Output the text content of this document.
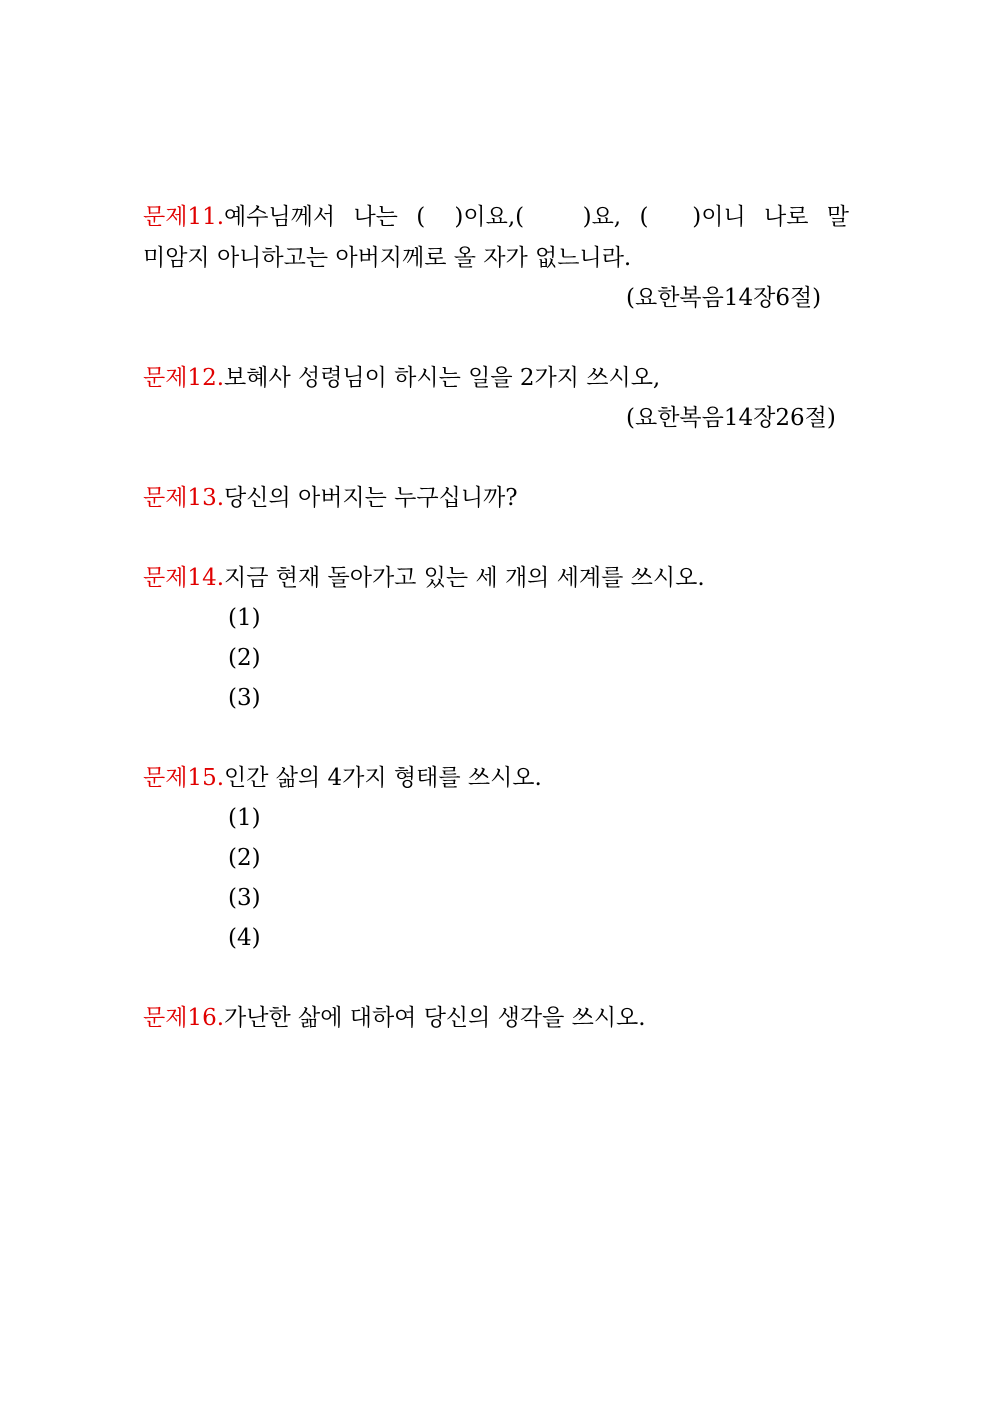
문제11.예수님께서 나는 (    )이요,(        )요, (      )이니 나로 말
미암지 아니하고는 아버지께로 올 자가 없느니라.
(요한복음14장6절)
문제12.보혜사 성령님이 하시는 일을 2가지 쓰시오,
(요한복음14장26절)
문제13.당신의 아버지는 누구십니까?
문제14.지금 현재 돌아가고 있는 세 개의 세계를 쓰시오.
(1)
(2)
(3)
문제15.인간 삶의 4가지 형태를 쓰시오.
(1)
(2)
(3)
(4)
문제16.가난한 삶에 대하여 당신의 생각을 쓰시오.
